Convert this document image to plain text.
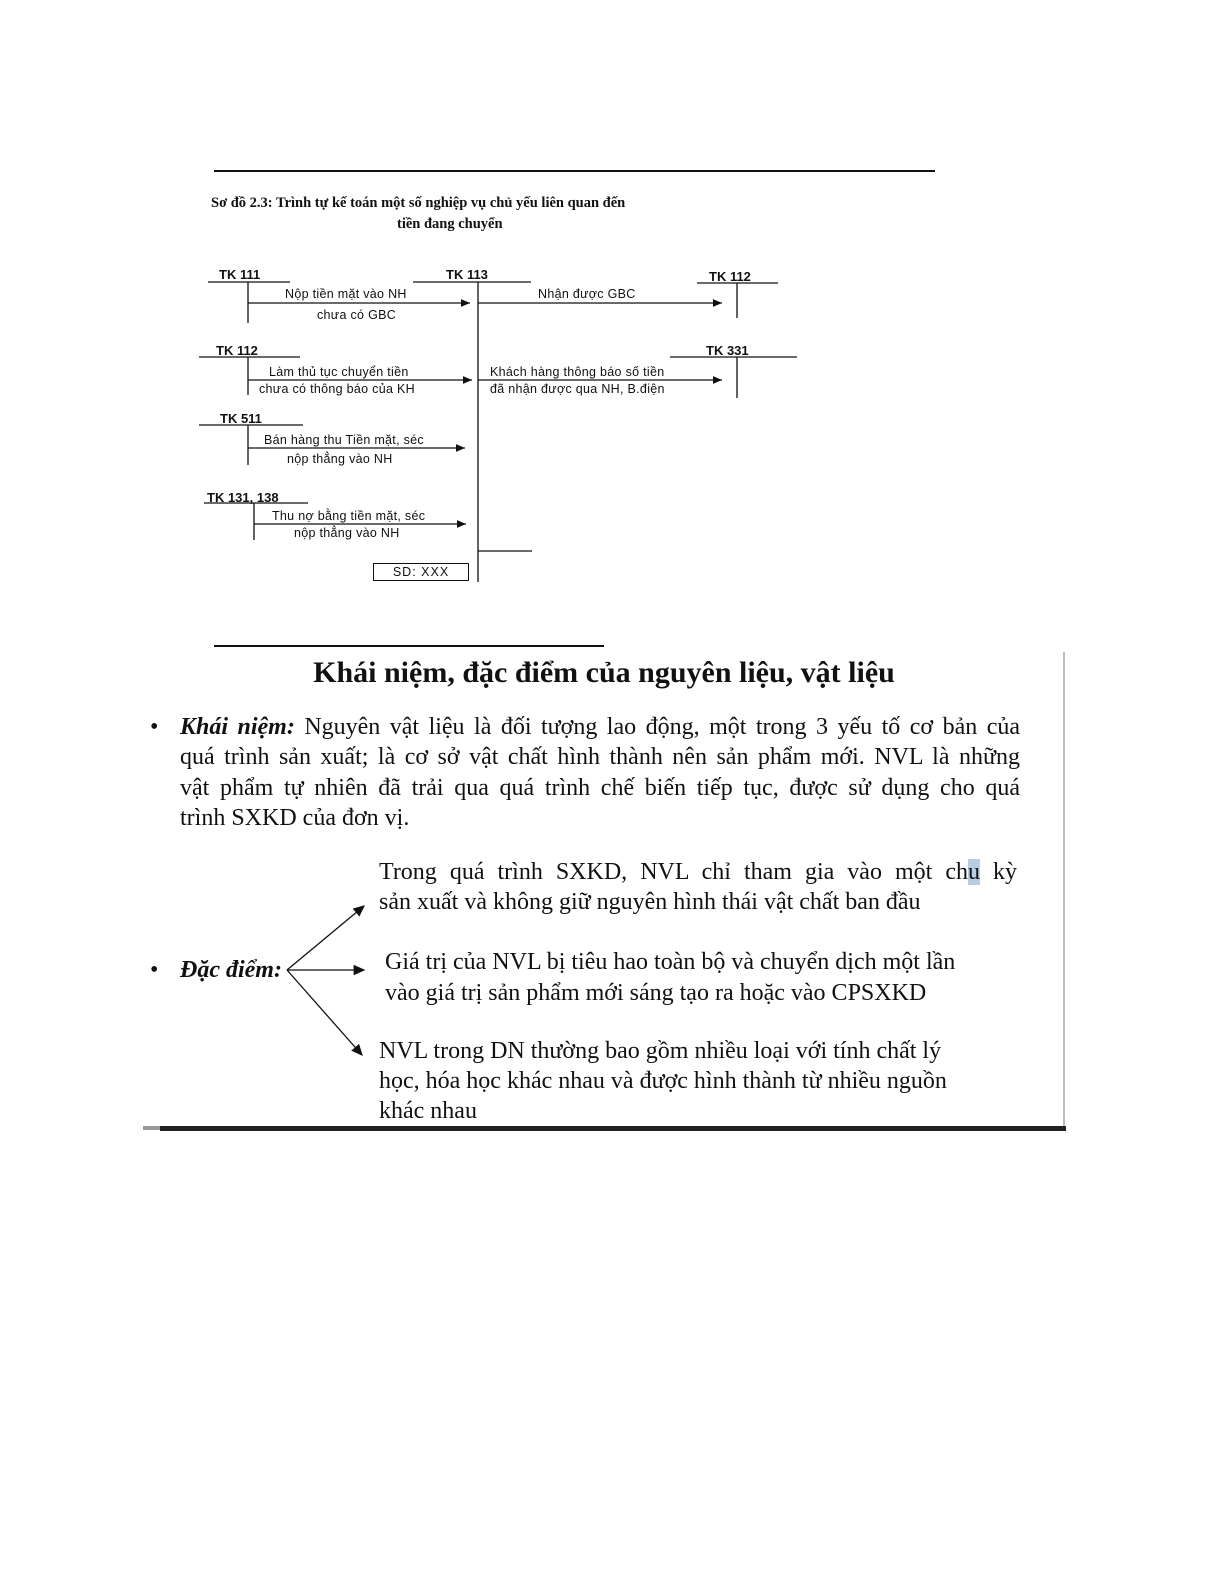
Sơ đồ 2.3: Trình tự kế toán một số nghiệp vụ chủ yếu liên quan đến
tiền đang chuyển
TK 111	TK 113	TK 112
TK 112	TK 331
TK 511
TK 131, 138
Nộp tiền mặt vào NH
chưa có GBC
Nhận được GBC
Làm thủ tục chuyển tiền
chưa có thông báo của KH
Khách hàng thông báo số tiền
đã nhận được qua NH, B.điện
Bán hàng thu Tiền mặt, séc
nộp thẳng vào NH
Thu nợ bằng tiền mặt, séc
nộp thẳng vào NH
SD: XXX
Khái niệm, đặc điểm của nguyên liệu, vật liệu
• Khái niệm: Nguyên vật liệu là đối tượng lao động, một trong 3 yếu tố cơ bản của
quá trình sản xuất; là cơ sở vật chất hình thành nên sản phẩm mới. NVL là những
vật phẩm tự nhiên đã trải qua quá trình chế biến tiếp tục, được sử dụng cho quá
trình SXKD của đơn vị.
• Đặc điểm:
Trong quá trình SXKD, NVL chỉ tham gia vào một chu kỳ
sản xuất và không giữ nguyên hình thái vật chất ban đầu
Giá trị của NVL bị tiêu hao toàn bộ và chuyển dịch một lần
vào giá trị sản phẩm mới sáng tạo ra hoặc vào CPSXKD
NVL trong DN thường bao gồm nhiều loại với tính chất lý
học, hóa học khác nhau và được hình thành từ nhiều nguồn
khác nhau
